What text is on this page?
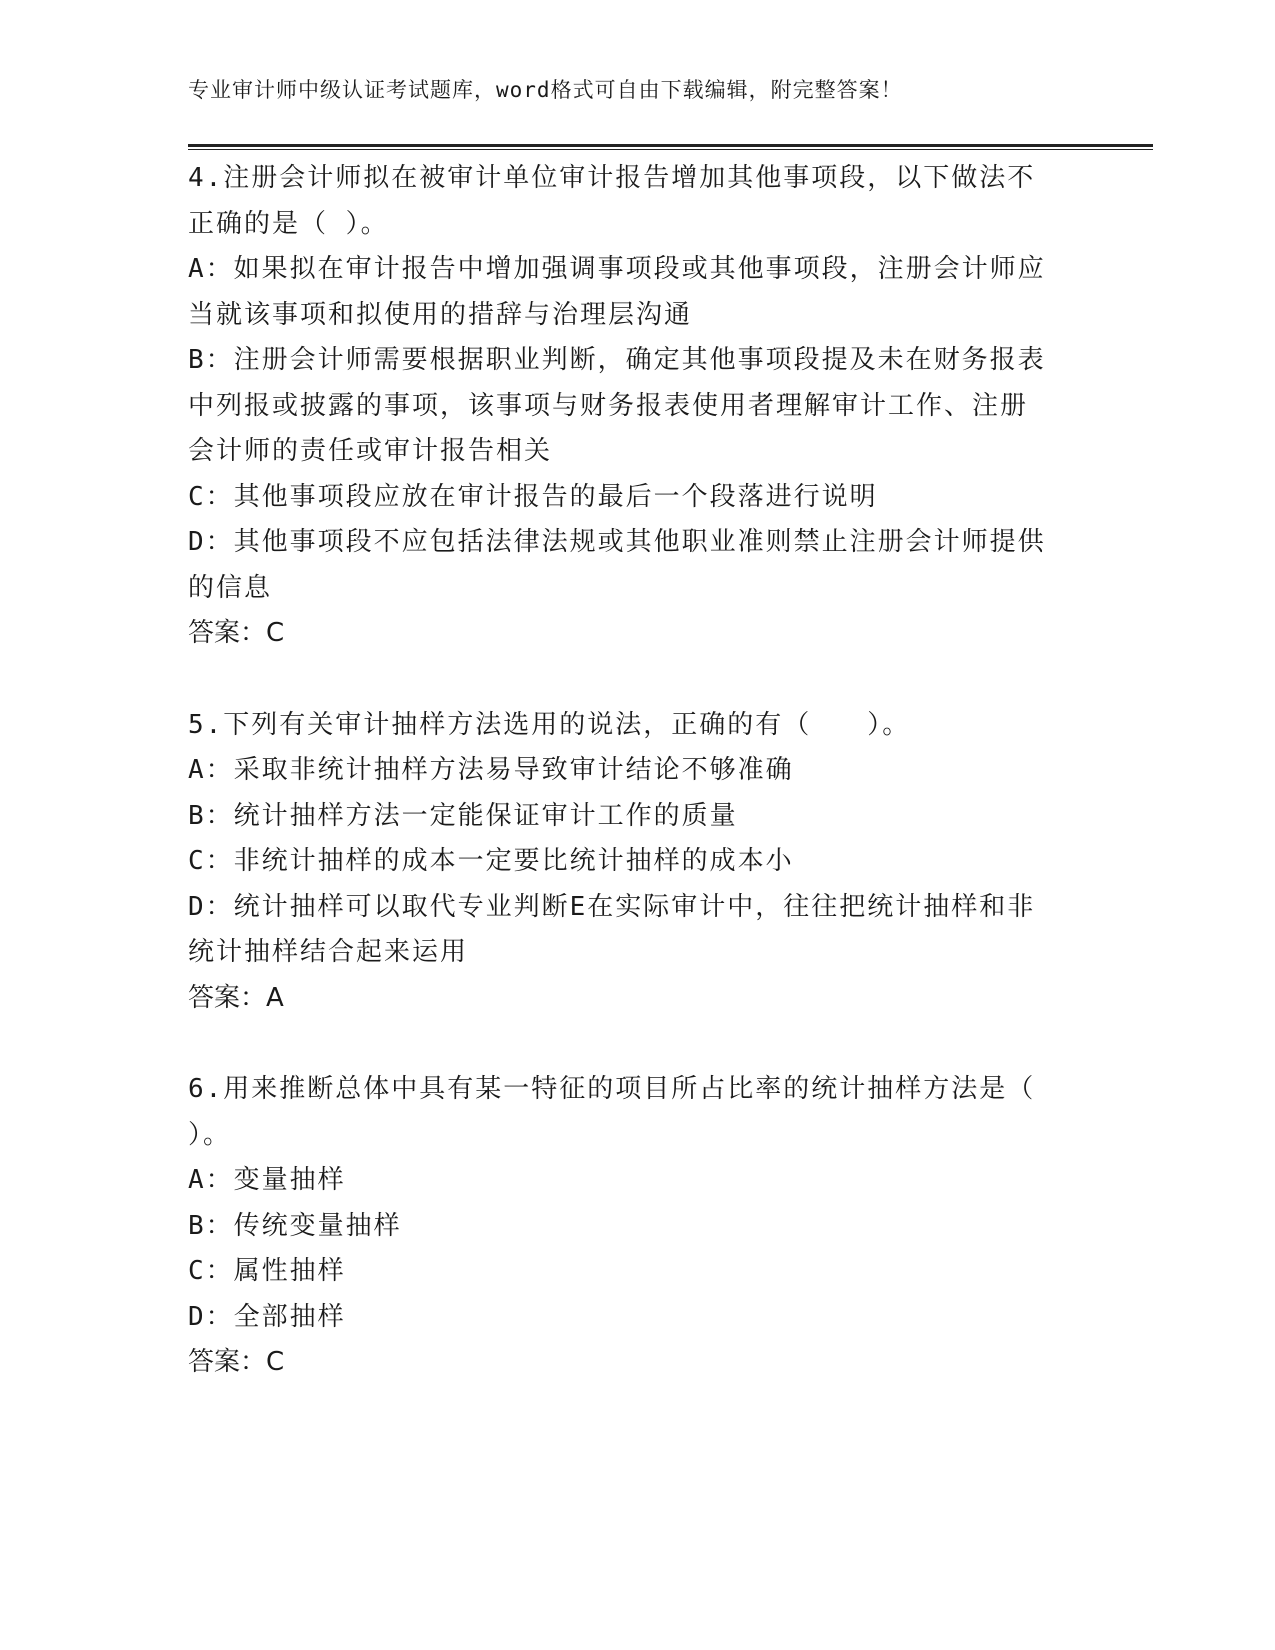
专业审计师中级认证考试题库，word格式可自由下载编辑，附完整答案！
4.注册会计师拟在被审计单位审计报告增加其他事项段，以下做法不
正确的是（ ）。
A：如果拟在审计报告中增加强调事项段或其他事项段，注册会计师应
当就该事项和拟使用的措辞与治理层沟通
B：注册会计师需要根据职业判断，确定其他事项段提及未在财务报表
中列报或披露的事项，该事项与财务报表使用者理解审计工作、注册
会计师的责任或审计报告相关
C：其他事项段应放在审计报告的最后一个段落进行说明
D：其他事项段不应包括法律法规或其他职业准则禁止注册会计师提供
的信息
答案：C
5.下列有关审计抽样方法选用的说法，正确的有（　　）。
A：采取非统计抽样方法易导致审计结论不够准确
B：统计抽样方法一定能保证审计工作的质量
C：非统计抽样的成本一定要比统计抽样的成本小
D：统计抽样可以取代专业判断E在实际审计中，往往把统计抽样和非
统计抽样结合起来运用
答案：A
6.用来推断总体中具有某一特征的项目所占比率的统计抽样方法是（
）。
A：变量抽样
B：传统变量抽样
C：属性抽样
D：全部抽样
答案：C
